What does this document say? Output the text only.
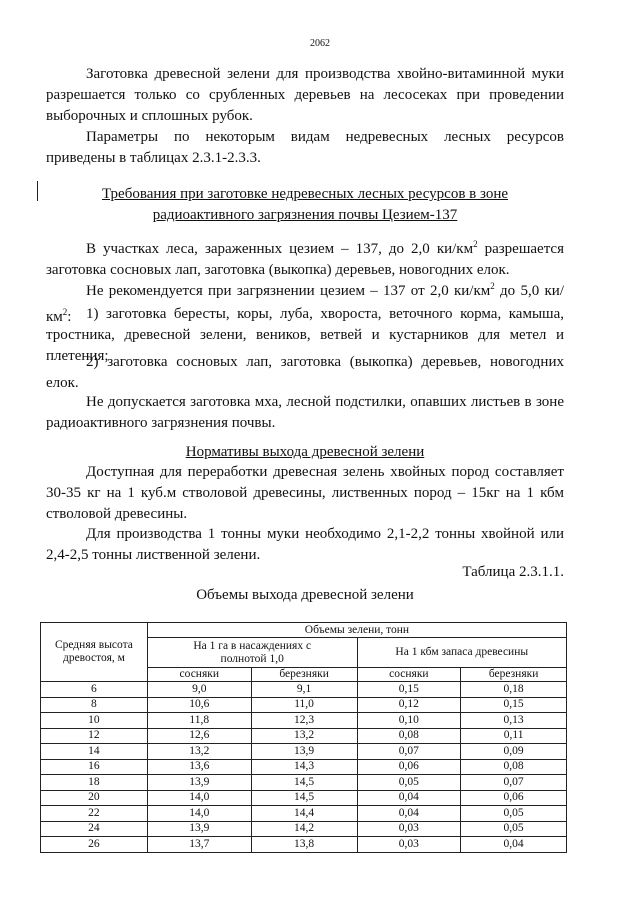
2062

Заготовка древесной зелени для производства хвойно-витаминной муки разрешается только со срубленных деревьев на лесосеках при проведении выборочных и сплошных рубок.

Параметры по некоторым видам недревесных лесных ресурсов приведены в таблицах 2.3.1-2.3.3.

Требования при заготовке недревесных лесных ресурсов в зоне
радиоактивного загрязнения почвы Цезием-137

В участках леса, зараженных цезием – 137, до 2,0 $ки/км^2$ разрешается заготовка сосновых лап, заготовка (выкопка) деревьев, новогодних елок.

Не рекомендуется при загрязнении цезием – 137 от 2,0 $ки/км^2$ до 5,0 $ки/км^2$: 1) заготовка бересты, коры, луба, хвороста, веточного корма, камыша, тростника, древесной зелени, веников, ветвей и кустарников для метел и плетения;

2) заготовка сосновых лап, заготовка (выкопка) деревьев, новогодних елок.

Не допускается заготовка мха, лесной подстилки, опавших листьев в зоне радиоактивного загрязнения почвы.

Нормативы выхода древесной зелени

Доступная для переработки древесная зелень хвойных пород составляет 30-35 кг на 1 куб.м стволовой древесины, лиственных пород – 15кг на 1 кбм стволовой древесины.

Для производства 1 тонны муки необходимо 2,1-2,2 тонны хвойной или 2,4-2,5 тонны лиственной зелени.

Таблица 2.3.1.1.
Объемы выхода древесной зелени
Средняя высота древостоя, м	Объемы зелени, тонн			
	На 1 га в насаждениях с полнотой 1,0		На 1 кбм запаса древесины	
	сосняки	березняки	сосняки	березняки
6	9,0	9,1	0,15	0,18
8	10,6	11,0	0,12	0,15
10	11,8	12,3	0,10	0,13
12	12,6	13,2	0,08	0,11
14	13,2	13,9	0,07	0,09
16	13,6	14,3	0,06	0,08
18	13,9	14,5	0,05	0,07
20	14,0	14,5	0,04	0,06
22	14,0	14,4	0,04	0,05
24	13,9	14,2	0,03	0,05
26	13,7	13,8	0,03	0,04
